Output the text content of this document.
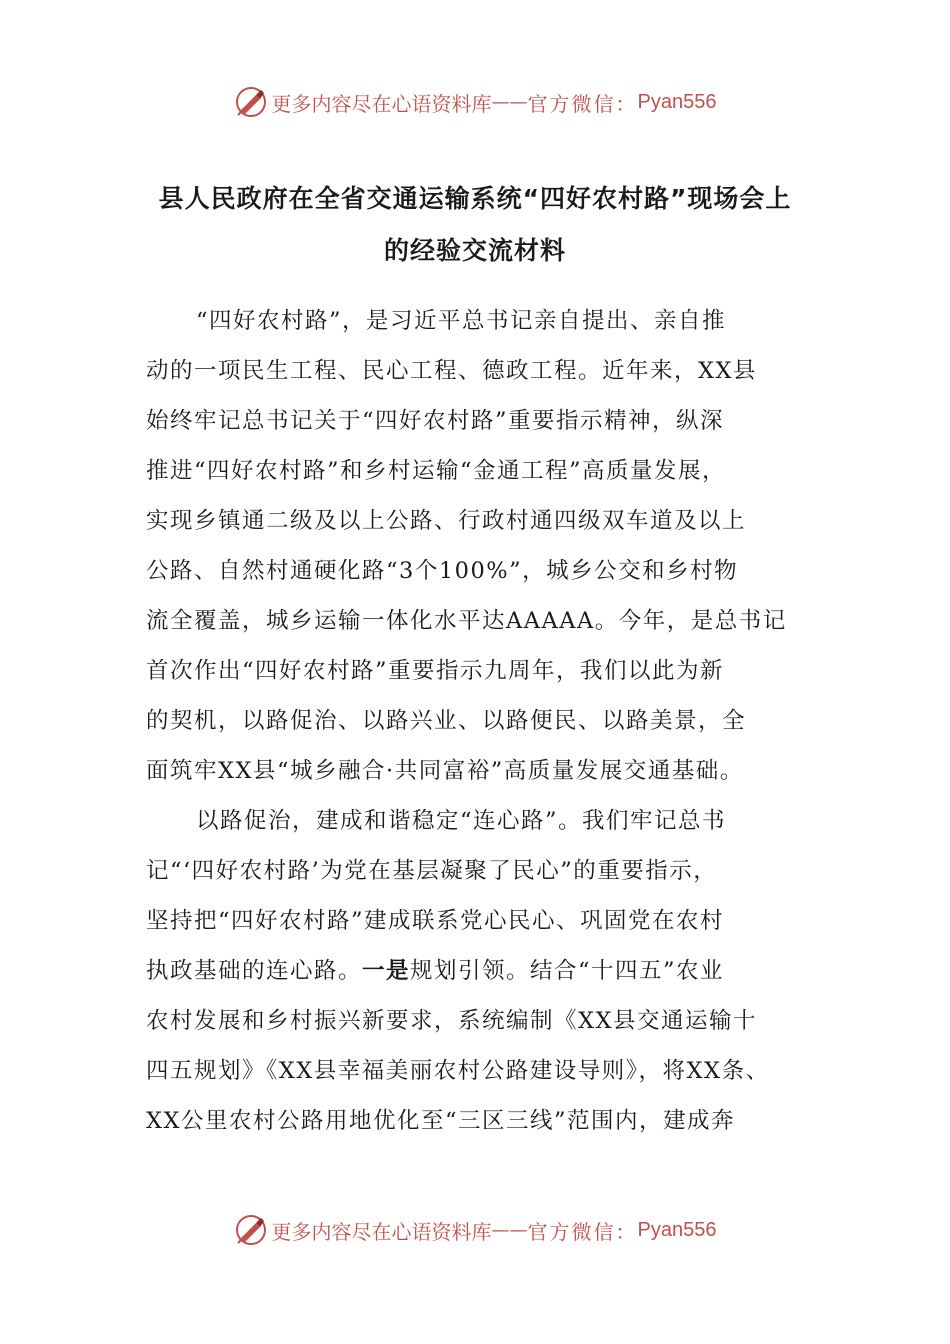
更多内容尽在心语资料库 —— 官方微信： Pyan556
县人民政府在全省交通运输系统“四好农村路”现场会上
的经验交流材料
“四好农村路”，是习近平总书记亲自提出、亲自推
动的一项民生工程、民心工程、德政工程。近年来，XX县
始终牢记总书记关于“四好农村路”重要指示精神，纵深
推进“四好农村路”和乡村运输“金通工程”高质量发展，
实现乡镇通二级及以上公路、行政村通四级双车道及以上
公路、自然村通硬化路“3个100%”，城乡公交和乡村物
流全覆盖，城乡运输一体化水平达AAAAA。今年，是总书记
首次作出“四好农村路”重要指示九周年，我们以此为新
的契机，以路促治、以路兴业、以路便民、以路美景，全
面筑牢XX县“城乡融合·共同富裕”高质量发展交通基础。
以路促治，建成和谐稳定“连心路”。我们牢记总书
记“‘四好农村路’为党在基层凝聚了民心”的重要指示，
坚持把“四好农村路”建成联系党心民心、巩固党在农村
执政基础的连心路。一是规划引领。结合“十四五”农业
农村发展和乡村振兴新要求，系统编制《XX县交通运输十
四五规划》《XX县幸福美丽农村公路建设导则》，将XX条、
XX公里农村公路用地优化至“三区三线”范围内，建成奔
更多内容尽在心语资料库 —— 官方微信： Pyan556
